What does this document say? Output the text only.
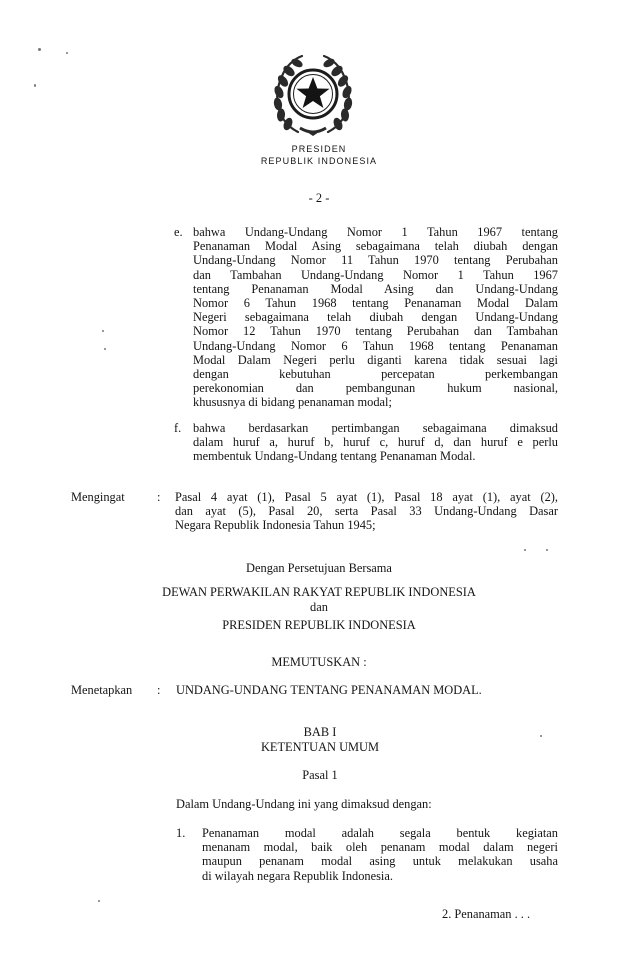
PRESIDEN
REPUBLIK INDONESIA
- 2 -
e. bahwa Undang-Undang Nomor 1 Tahun 1967 tentang
Penanaman Modal Asing sebagaimana telah diubah dengan
Undang-Undang Nomor 11 Tahun 1970 tentang Perubahan
dan Tambahan Undang-Undang Nomor 1 Tahun 1967
tentang Penanaman Modal Asing dan Undang-Undang
Nomor 6 Tahun 1968 tentang Penanaman Modal Dalam
Negeri sebagaimana telah diubah dengan Undang-Undang
Nomor 12 Tahun 1970 tentang Perubahan dan Tambahan
Undang-Undang Nomor 6 Tahun 1968 tentang Penanaman
Modal Dalam Negeri perlu diganti karena tidak sesuai lagi
dengan kebutuhan percepatan perkembangan
perekonomian dan pembangunan hukum nasional,
khususnya di bidang penanaman modal;
f. bahwa berdasarkan pertimbangan sebagaimana dimaksud
dalam huruf a, huruf b, huruf c, huruf d, dan huruf e perlu
membentuk Undang-Undang tentang Penanaman Modal.
Mengingat	: Pasal 4 ayat (1), Pasal 5 ayat (1), Pasal 18 ayat (1), ayat (2),
dan ayat (5), Pasal 20, serta Pasal 33 Undang-Undang Dasar
Negara Republik Indonesia Tahun 1945;
Dengan Persetujuan Bersama
DEWAN PERWAKILAN RAKYAT REPUBLIK INDONESIA
dan
PRESIDEN REPUBLIK INDONESIA
MEMUTUSKAN :
Menetapkan : UNDANG-UNDANG TENTANG PENANAMAN MODAL.
BAB I
KETENTUAN UMUM
Pasal 1
Dalam Undang-Undang ini yang dimaksud dengan:
1. Penanaman modal adalah segala bentuk kegiatan
menanam modal, baik oleh penanam modal dalam negeri
maupun penanam modal asing untuk melakukan usaha
di wilayah negara Republik Indonesia.
2. Penanaman . . .
